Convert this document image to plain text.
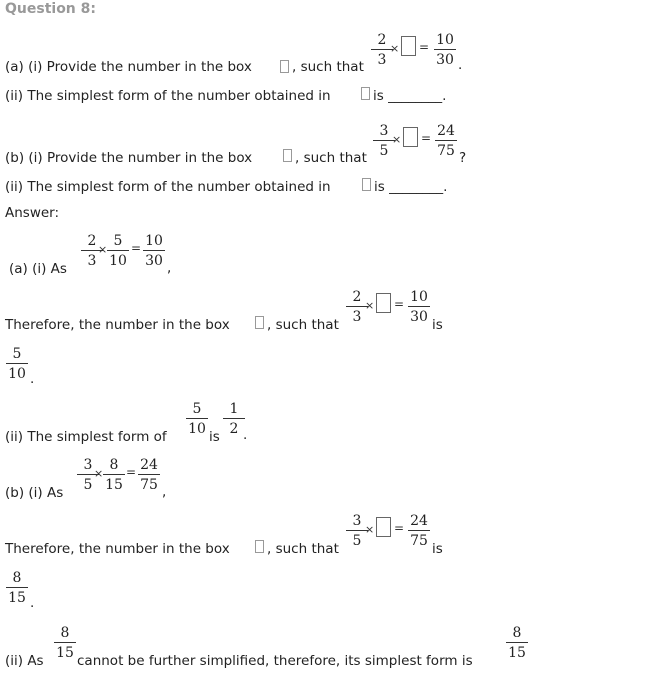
Question 8:
(a) (i) Provide the number in the box	, such that
2
3
× = 10
30 .
(ii) The simplest form of the number obtained in	is ________.
(b) (i) Provide the number in the box	, such that
3
5
× = 24
75 ?
(ii) The simplest form of the number obtained in	is ________.
Answer:
(a) (i) As
2
3
×
5
10
= 10
30 ,
Therefore, the number in the box	, such that
2
3
× = 10
30 is
5
10 .
(ii) The simplest form of
5
10 is
1
2 .
(b) (i) As
3
5
×
8
15
= 24
75 ,
Therefore, the number in the box	, such that
3
5
× = 24
75 is
8
15 .
(ii) As
8
15 cannot be further simplified, therefore, its simplest form is
8
15
